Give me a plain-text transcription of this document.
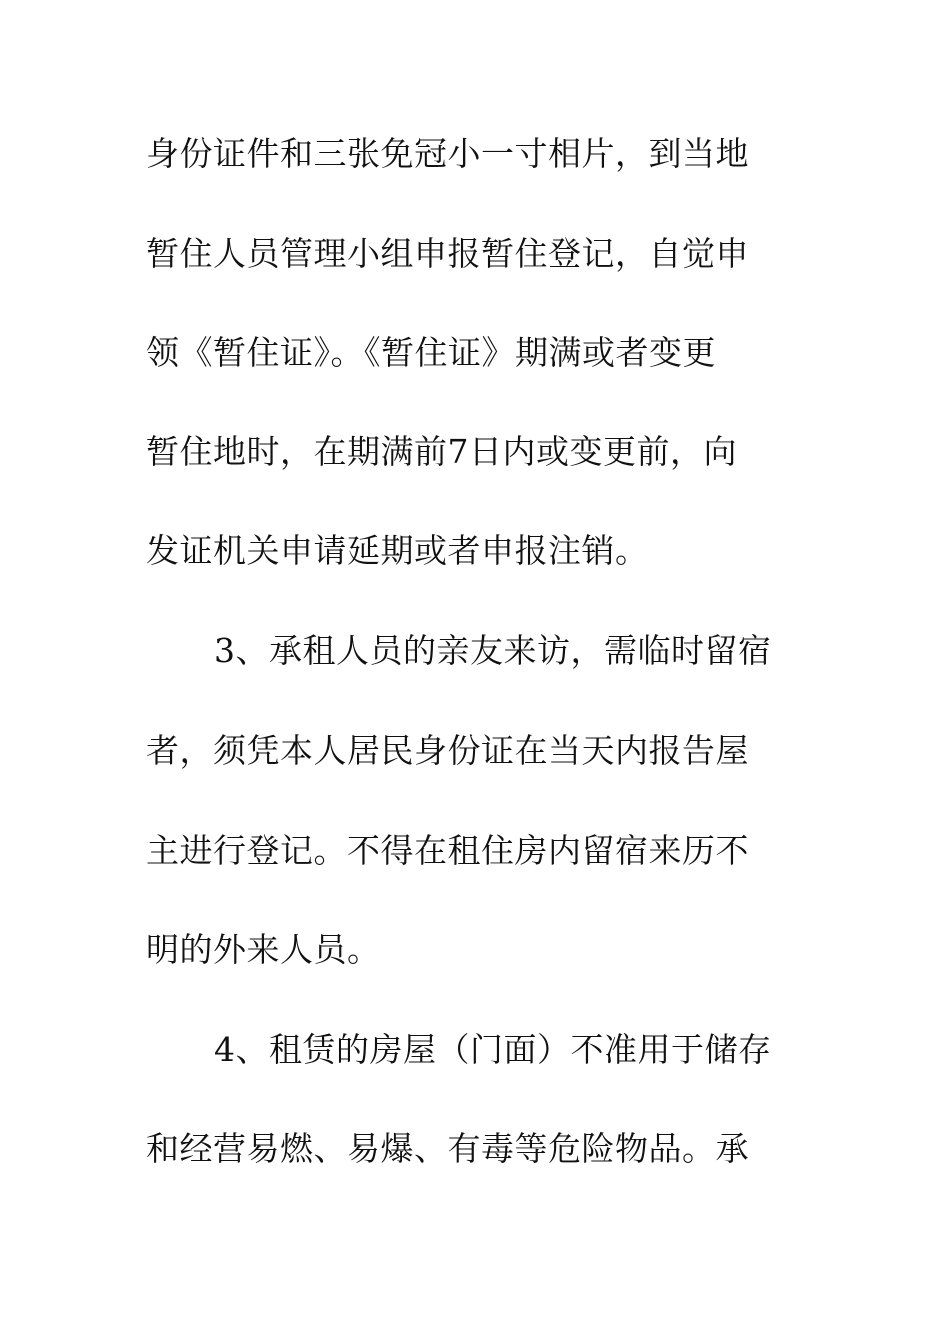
身份证件和三张免冠小一寸相片，到当地
暂住人员管理小组申报暂住登记，自觉申
领《暂住证》。《暂住证》期满或者变更
暂住地时，在期满前7日内或变更前，向
发证机关申请延期或者申报注销。
3、承租人员的亲友来访，需临时留宿
者，须凭本人居民身份证在当天内报告屋
主进行登记。不得在租住房内留宿来历不
明的外来人员。
4、租赁的房屋（门面）不准用于储存
和经营易燃、易爆、有毒等危险物品。承
